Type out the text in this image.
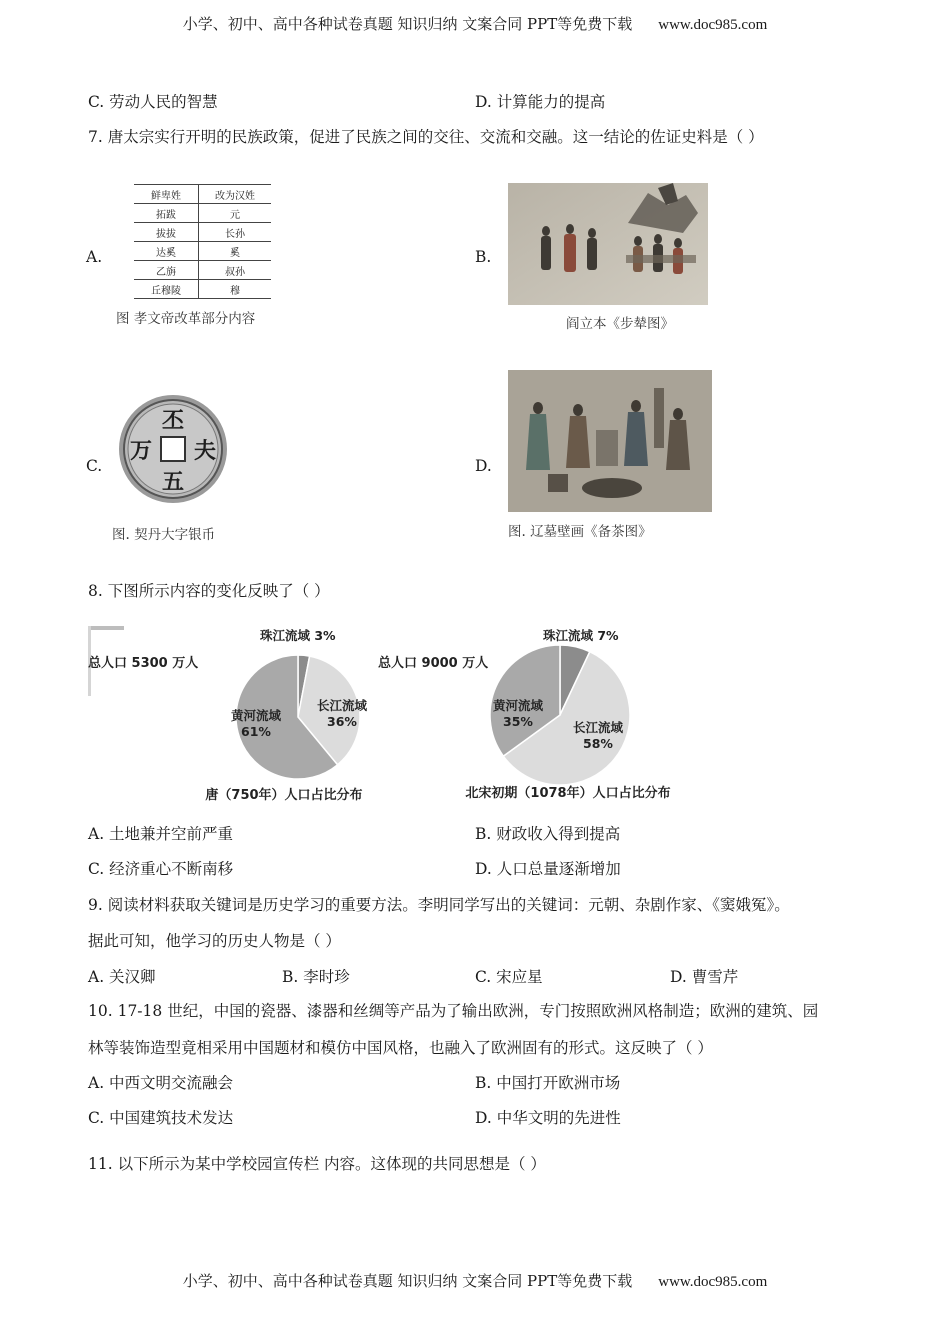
小学、初中、高中各种试卷真题 知识归纳 文案合同 PPT等免费下载 www.doc985.com
C. 劳动人民的智慧	D. 计算能力的提高
7. 唐太宗实行开明的民族政策，促进了民族之间的交往、交流和交融。这一结论的佐证史料是（ ）
A.
鲜卑姓	改为汉姓
拓跋	元
拔拔	长孙
达奚	奚
乙旃	叔孙
丘穆陵	穆
图 孝文帝改革部分内容
B.
阎立本《步辇图》
C.
丕
万 夫
五
图. 契丹大字银币
D.
图. 辽墓壁画《备茶图》
8. 下图所示内容的变化反映了（ ）
黄河流域
61%
长江流域
36%
珠江流域 3%
黄河流域
35%	长江流域
58%
珠江流域 7%
总人口 5300 万人	总人口 9000 万人
唐（750年）人口占比分布	北宋初期（1078年）人口占比分布
A. 土地兼并空前严重	B. 财政收入得到提高
C. 经济重心不断南移	D. 人口总量逐渐增加
9. 阅读材料获取关键词是历史学习的重要方法。李明同学写出的关键词：元朝、杂剧作家、《窦娥冤》。
据此可知，他学习的历史人物是（ ）
A. 关汉卿	B. 李时珍	C. 宋应星	D. 曹雪芹
10. 17-18 世纪，中国的瓷器、漆器和丝绸等产品为了输出欧洲，专门按照欧洲风格制造；欧洲的建筑、园
林等装饰造型竟相采用中国题材和模仿中国风格，也融入了欧洲固有的形式。这反映了（ ）
A. 中西文明交流融会	B. 中国打开欧洲市场
C. 中国建筑技术发达	D. 中华文明的先进性
11. 以下所示为某中学校园宣传栏 内容。这体现的共同思想是（ ）
小学、初中、高中各种试卷真题 知识归纳 文案合同 PPT等免费下载 www.doc985.com
